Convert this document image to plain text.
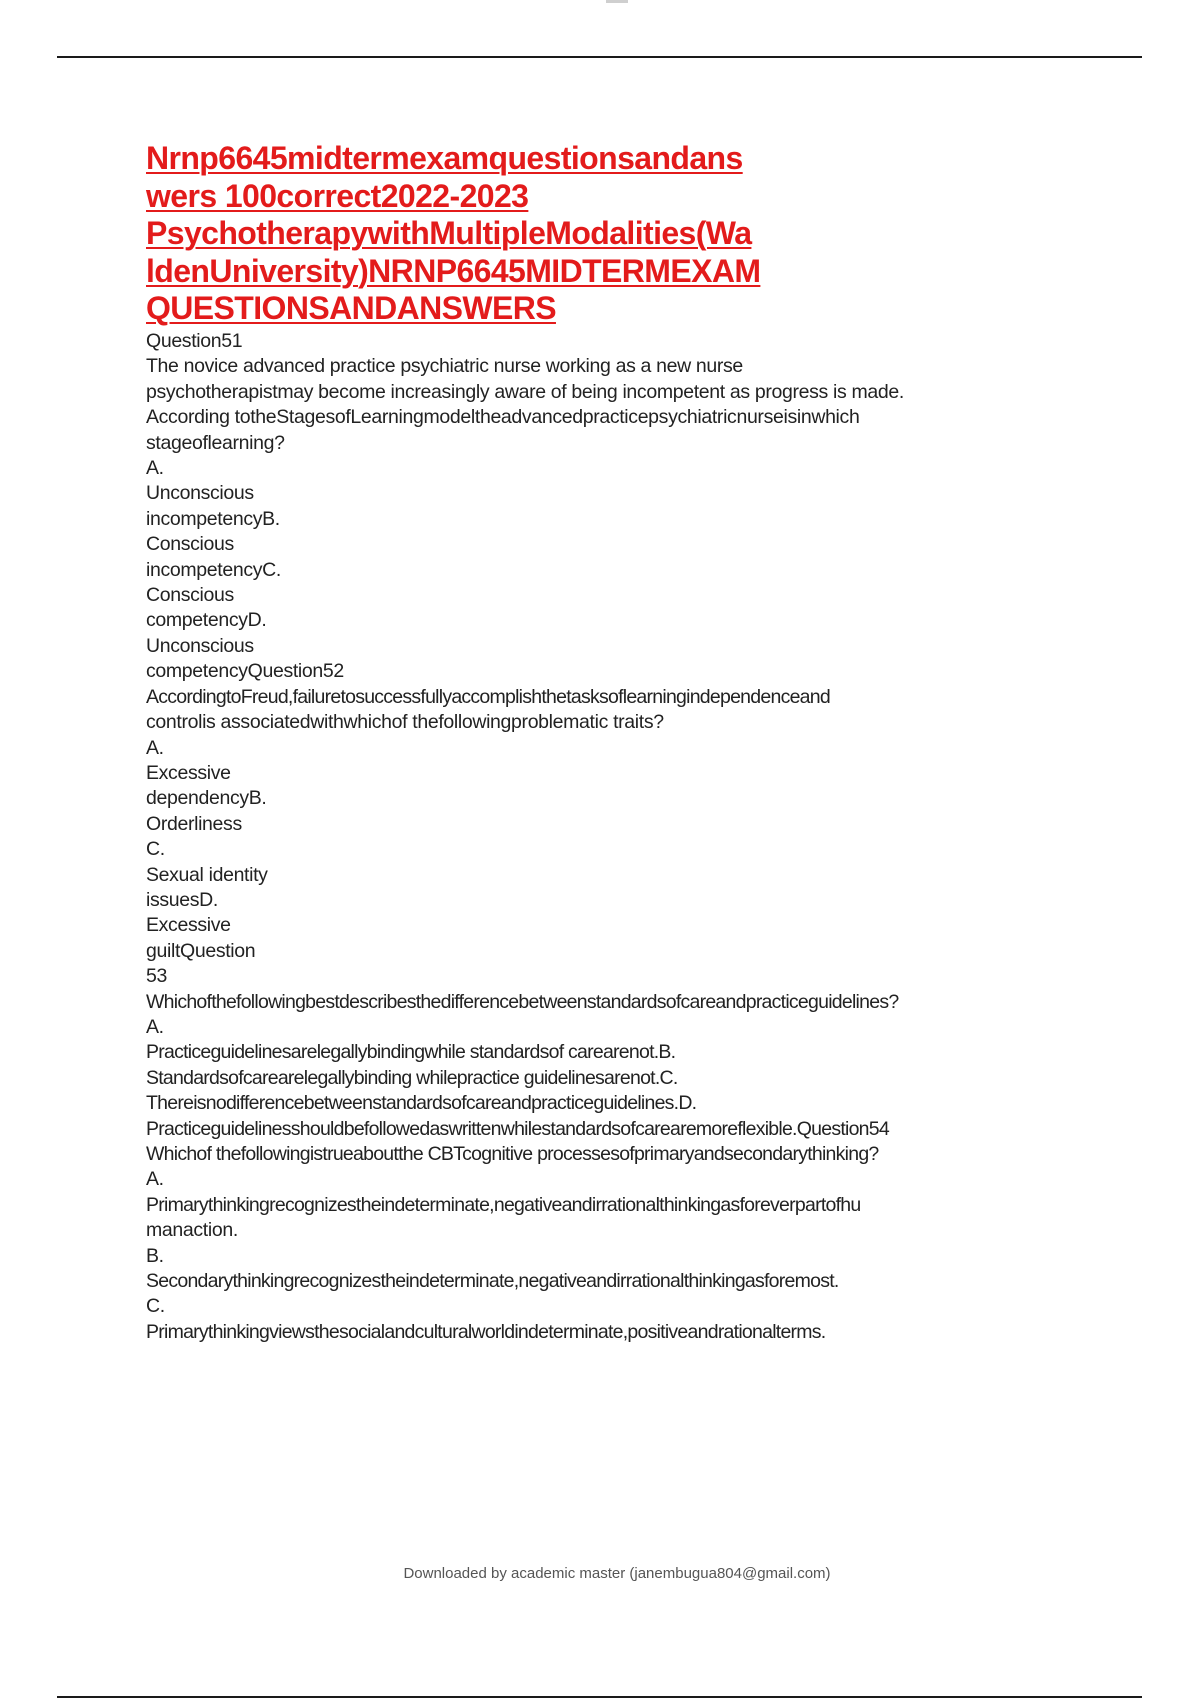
Nrnp6645midtermexamquestionsandans
wers 100correct2022-2023
PsychotherapywithMultipleModalities(Wa
ldenUniversity)NRNP6645MIDTERMEXAM
QUESTIONSANDANSWERS
Question51
The novice advanced practice psychiatric nurse working as a new nurse
psychotherapistmay become increasingly aware of being incompetent as progress is made.
According totheStagesofLearningmodeltheadvancedpracticepsychiatricnurseisinwhich
stageoflearning?
A.
Unconscious
incompetencyB.
Conscious
incompetencyC.
Conscious
competencyD.
Unconscious
competencyQuestion52
AccordingtoFreud,failuretosuccessfullyaccomplishthetasksoflearningindependenceand
controlis associatedwithwhichof thefollowingproblematic traits?
A.
Excessive
dependencyB.
Orderliness
C.
Sexual identity
issuesD.
Excessive
guiltQuestion
53
Whichofthefollowingbestdescribesthedifferencebetweenstandardsofcareandpracticeguidelines?
A.
Practiceguidelinesarelegallybindingwhile standardsof carearenot.B.
Standardsofcarearelegallybinding whilepractice guidelinesarenot.C.
Thereisnodifferencebetweenstandardsofcareandpracticeguidelines.D.
Practiceguidelinesshouldbefollowedaswrittenwhilestandardsofcarearemoreflexible.Question54
Whichof thefollowingistrueaboutthe CBTcognitive processesofprimaryandsecondarythinking?
A.
Primarythinkingrecognizestheindeterminate,negativeandirrationalthinkingasforeverpartofhu
manaction.
B.
Secondarythinkingrecognizestheindeterminate,negativeandirrationalthinkingasforemost.
C.
Primarythinkingviewsthesocialandculturalworldindeterminate,positiveandrationalterms.
Downloaded by academic master (janembugua804@gmail.com)
